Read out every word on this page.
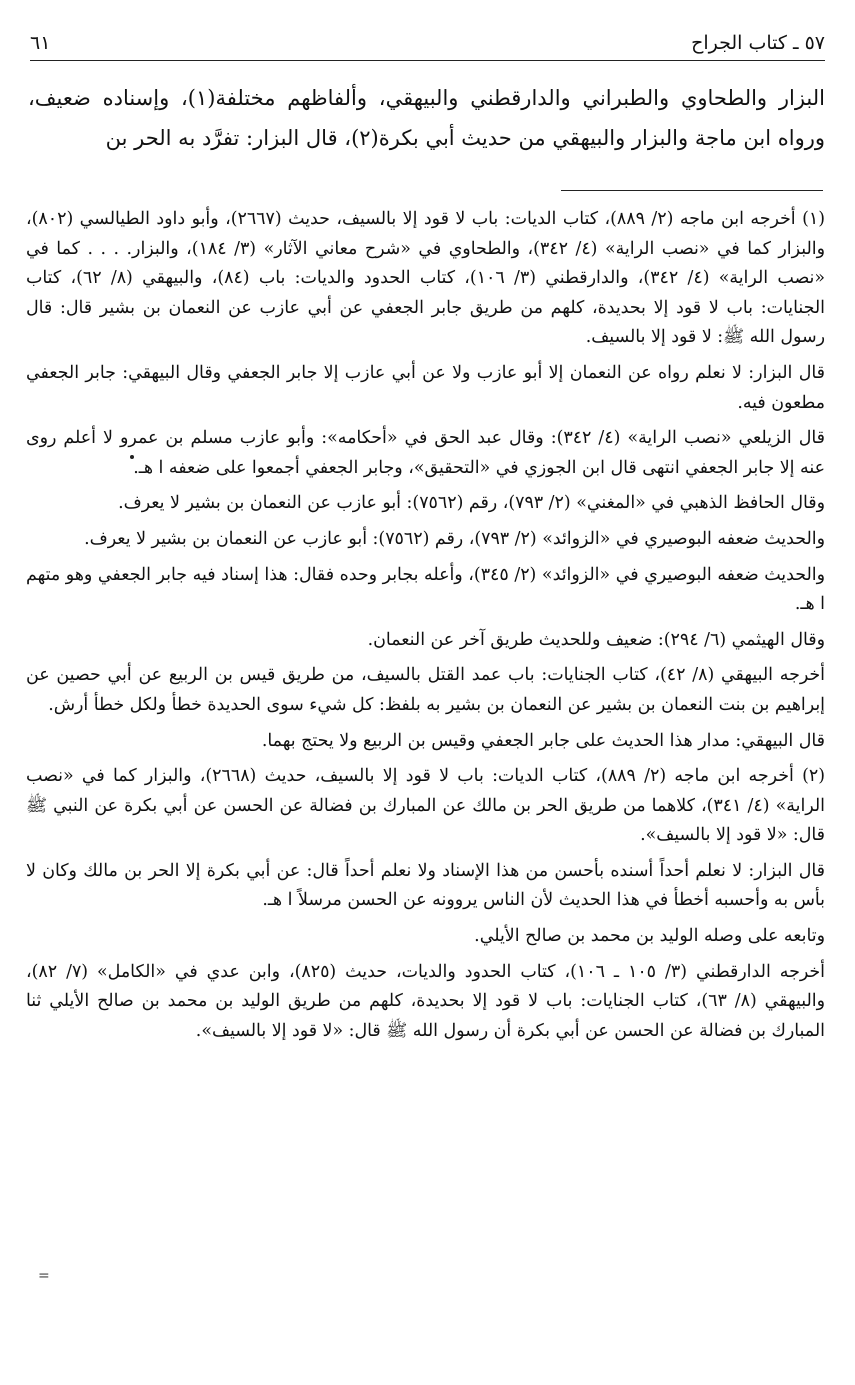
٥٧ ـ كتاب الجراح
٦١

البزار والطحاوي والطبراني والدارقطني والبيهقي، وألفاظهم مختلفة(١)، وإسناده ضعيف، ورواه ابن ماجة والبزار والبيهقي من حديث أبي بكرة(٢)، قال البزار: تفرَّد به الحر بن

(١) أخرجه ابن ماجه (٢/ ٨٨٩)، كتاب الديات: باب لا قود إلا بالسيف، حديث (٢٦٦٧)، وأبو داود الطيالسي (٨٠٢)، والبزار كما في «نصب الراية» (٤/ ٣٤٢)، والطحاوي في «شرح معاني الآثار» (٣/ ١٨٤)، والبزار. . . . كما في «نصب الراية» (٤/ ٣٤٢)، والدارقطني (٣/ ١٠٦)، كتاب الحدود والديات: باب (٨٤)، والبيهقي (٨/ ٦٢)، كتاب الجنايات: باب لا قود إلا بحديدة، كلهم من طريق جابر الجعفي عن أبي عازب عن النعمان بن بشير قال: قال رسول الله ﷺ: لا قود إلا بالسيف.

قال البزار: لا نعلم رواه عن النعمان إلا أبو عازب ولا عن أبي عازب إلا جابر الجعفي وقال البيهقي: جابر الجعفي مطعون فيه.

قال الزيلعي «نصب الراية» (٤/ ٣٤٢): وقال عبد الحق في «أحكامه»: وأبو عازب مسلم بن عمرو لا أعلم روى عنه إلا جابر الجعفي انتهى قال ابن الجوزي في «التحقيق»، وجابر الجعفي أجمعوا على ضعفه ا هـ.

وقال الحافظ الذهبي في «المغني» (٢/ ٧٩٣)، رقم (٧٥٦٢): أبو عازب عن النعمان بن بشير لا يعرف.

والحديث ضعفه البوصيري في «الزوائد» (٢/ ٧٩٣)، رقم (٧٥٦٢): أبو عازب عن النعمان بن بشير لا يعرف.

والحديث ضعفه البوصيري في «الزوائد» (٢/ ٣٤٥)، وأعله بجابر وحده فقال: هذا إسناد فيه جابر الجعفي وهو متهم ا هـ.

وقال الهيثمي (٦/ ٢٩٤): ضعيف وللحديث طريق آخر عن النعمان.

أخرجه البيهقي (٨/ ٤٢)، كتاب الجنايات: باب عمد القتل بالسيف، من طريق قيس بن الربيع عن أبي حصين عن إبراهيم بن بنت النعمان بن بشير عن النعمان بن بشير به بلفظ: كل شيء سوى الحديدة خطأ ولكل خطأ أرش.

قال البيهقي: مدار هذا الحديث على جابر الجعفي وقيس بن الربيع ولا يحتج بهما.

(٢) أخرجه ابن ماجه (٢/ ٨٨٩)، كتاب الديات: باب لا قود إلا بالسيف، حديث (٢٦٦٨)، والبزار كما في «نصب الراية» (٤/ ٣٤١)، كلاهما من طريق الحر بن مالك عن المبارك بن فضالة عن الحسن عن أبي بكرة عن النبي ﷺ قال: «لا قود إلا بالسيف».

قال البزار: لا نعلم أحداً أسنده بأحسن من هذا الإسناد ولا نعلم أحداً قال: عن أبي بكرة إلا الحر بن مالك وكان لا بأس به وأحسبه أخطأ في هذا الحديث لأن الناس يروونه عن الحسن مرسلاً ا هـ.

وتابعه على وصله الوليد بن محمد بن صالح الأيلي.

أخرجه الدارقطني (٣/ ١٠٥ ـ ١٠٦)، كتاب الحدود والديات، حديث (٨٢٥)، وابن عدي في «الكامل» (٧/ ٨٢)، والبيهقي (٨/ ٦٣)، كتاب الجنايات: باب لا قود إلا بحديدة، كلهم من طريق الوليد بن محمد بن صالح الأيلي ثنا المبارك بن فضالة عن الحسن عن أبي بكرة أن رسول الله ﷺ قال: «لا قود إلا بالسيف».

=
